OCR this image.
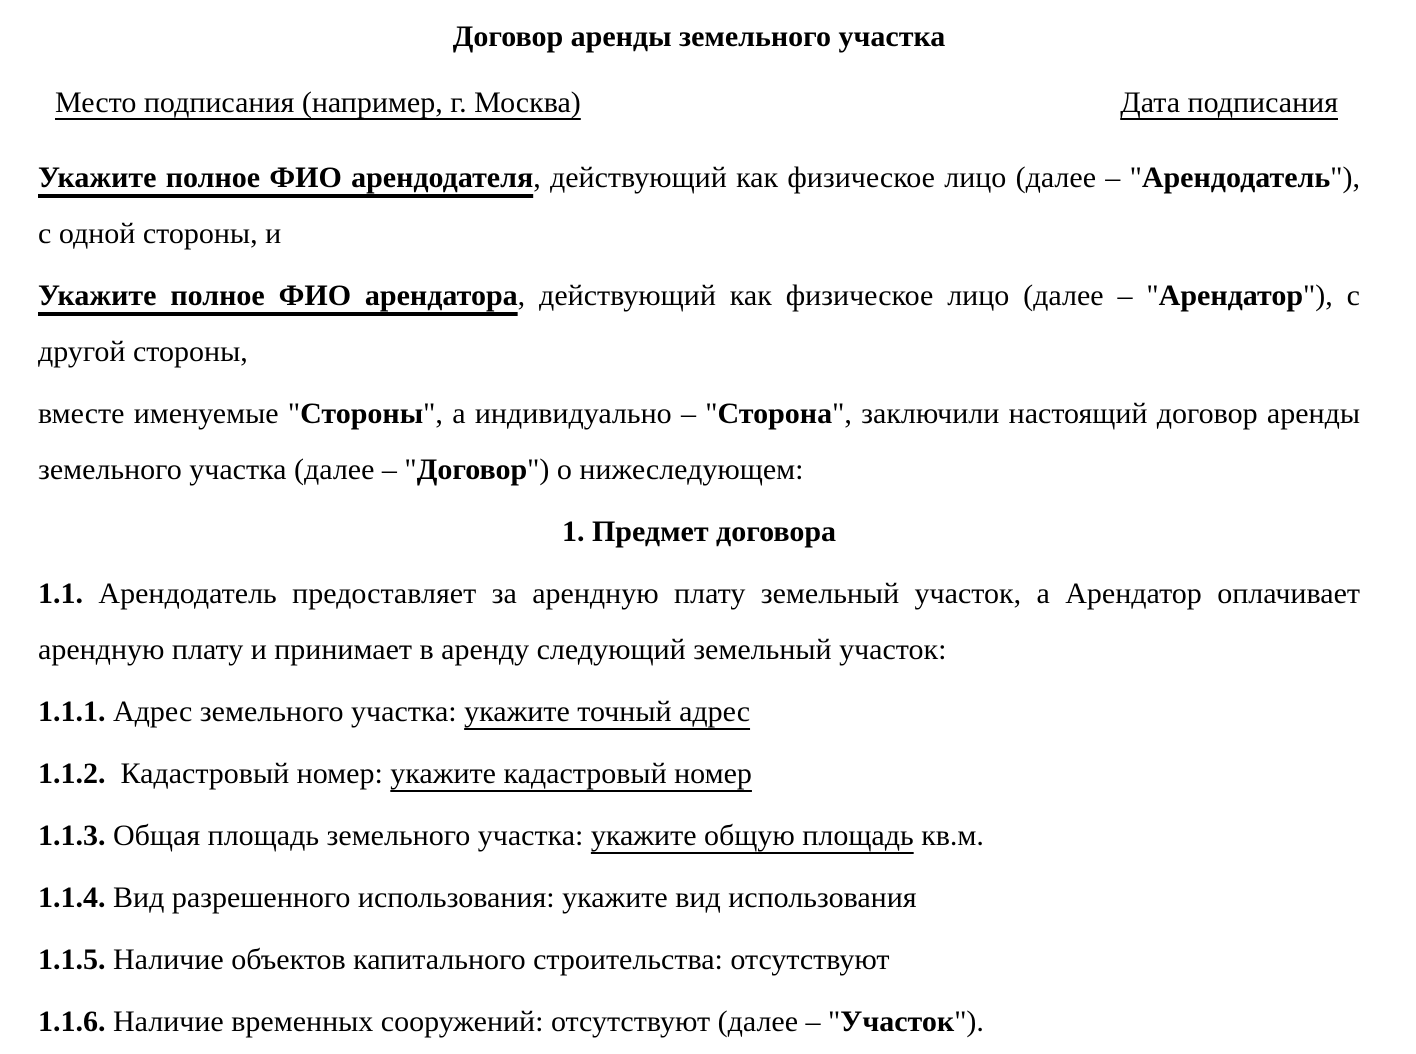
Договор аренды земельного участка
Место подписания (например, г. Москва)	Дата подписания

Укажите полное ФИО арендодателя, действующий как физическое лицо (далее – "Арендодатель"), с одной стороны, и

Укажите полное ФИО арендатора, действующий как физическое лицо (далее – "Арендатор"), с другой стороны,

вместе именуемые "Стороны", а индивидуально – "Сторона", заключили настоящий договор аренды земельного участка (далее – "Договор") о нижеследующем:

1. Предмет договора

1.1. Арендодатель предоставляет за арендную плату земельный участок, а Арендатор оплачивает арендную плату и принимает в аренду следующий земельный участок:

1.1.1. Адрес земельного участка: укажите точный адрес

1.1.2.  Кадастровый номер: укажите кадастровый номер

1.1.3. Общая площадь земельного участка: укажите общую площадь кв.м.

1.1.4. Вид разрешенного использования: укажите вид использования

1.1.5. Наличие объектов капитального строительства: отсутствуют

1.1.6. Наличие временных сооружений: отсутствуют (далее – "Участок").
